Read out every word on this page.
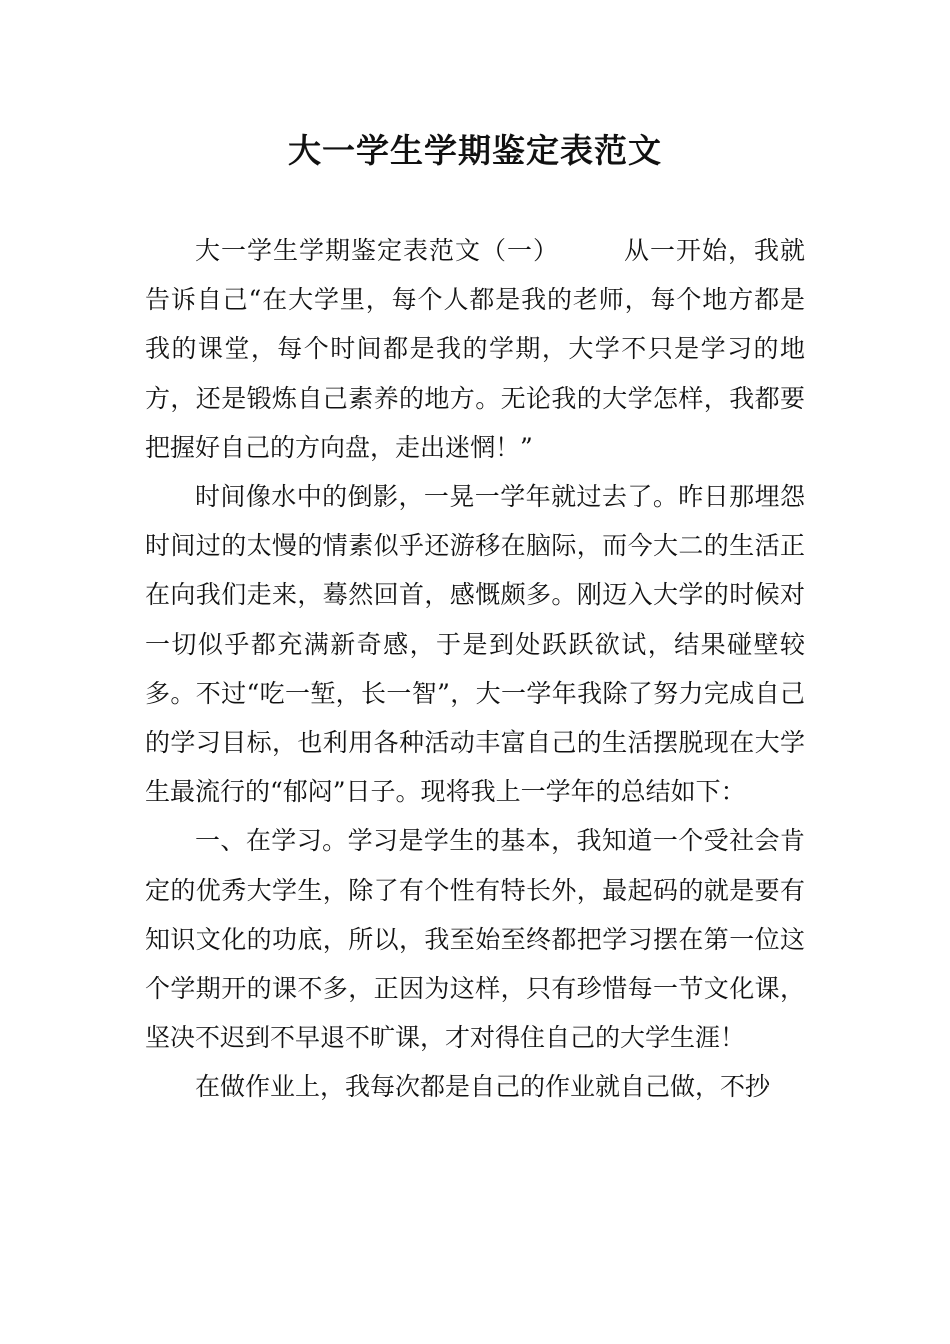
大一学生学期鉴定表范文

大一学生学期鉴定表范文（一）	从一开始，我就告诉自己“在大学里，每个人都是我的老师，每个地方都是我的课堂，每个时间都是我的学期，大学不只是学习的地方，还是锻炼自己素养的地方。无论我的大学怎样，我都要把握好自己的方向盘，走出迷惘！”

时间像水中的倒影，一晃一学年就过去了。昨日那埋怨时间过的太慢的情素似乎还游移在脑际，而今大二的生活正在向我们走来，蓦然回首，感慨颇多。刚迈入大学的时候对一切似乎都充满新奇感，于是到处跃跃欲试，结果碰壁较多。不过“吃一堑，长一智”，大一学年我除了努力完成自己的学习目标，也利用各种活动丰富自己的生活摆脱现在大学生最流行的“郁闷”日子。现将我上一学年的总结如下：

一、在学习。学习是学生的基本，我知道一个受社会肯定的优秀大学生，除了有个性有特长外，最起码的就是要有知识文化的功底，所以，我至始至终都把学习摆在第一位这个学期开的课不多，正因为这样，只有珍惜每一节文化课，坚决不迟到不早退不旷课，才对得住自己的大学生涯！

在做作业上，我每次都是自己的作业就自己做，不抄
